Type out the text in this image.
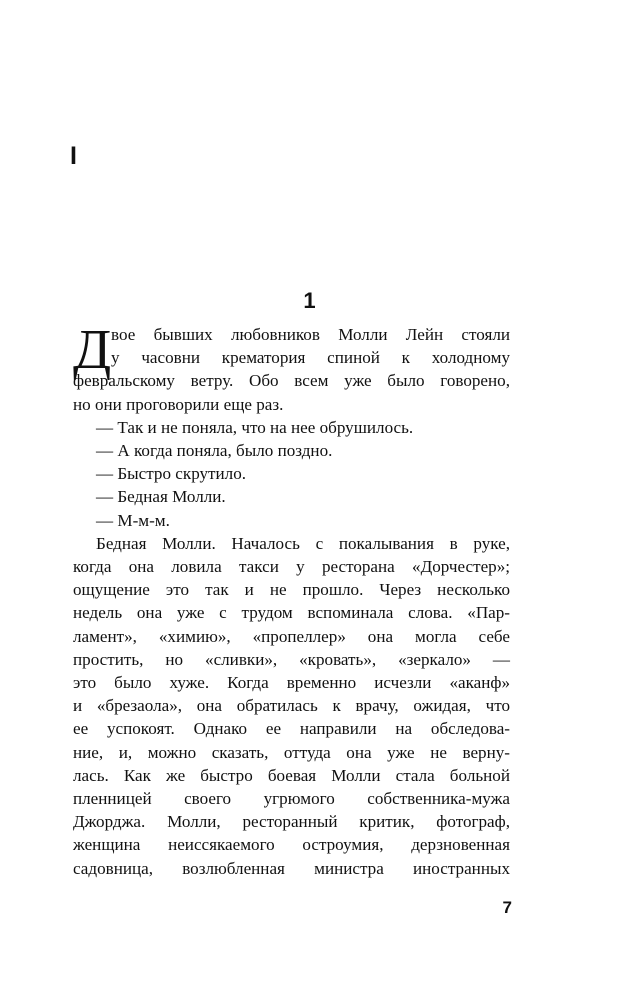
I
1
Д вое бывших любовников Молли Лейн стояли
у часовни крематория спиной к холодному
февральскому ветру. Обо всем уже было говорено,
но они проговорили еще раз.
— Так и не поняла, что на нее обрушилось.
— А когда поняла, было поздно.
— Быстро скрутило.
— Бедная Молли.
— М-м-м.
Бедная Молли. Началось с покалывания в руке,
когда она ловила такси у ресторана «Дорчестер»;
ощущение это так и не прошло. Через несколько
недель она уже с трудом вспоминала слова. «Пар-
ламент», «химию», «пропеллер» она могла себе
простить, но «сливки», «кровать», «зеркало» —
это было хуже. Когда временно исчезли «аканф»
и «брезаола», она обратилась к врачу, ожидая, что
ее успокоят. Однако ее направили на обследова-
ние, и, можно сказать, оттуда она уже не верну-
лась. Как же быстро боевая Молли стала больной
пленницей своего угрюмого собственника-мужа
Джорджа. Молли, ресторанный критик, фотограф,
женщина неиссякаемого остроумия, дерзновенная
садовница, возлюбленная министра иностранных
7
